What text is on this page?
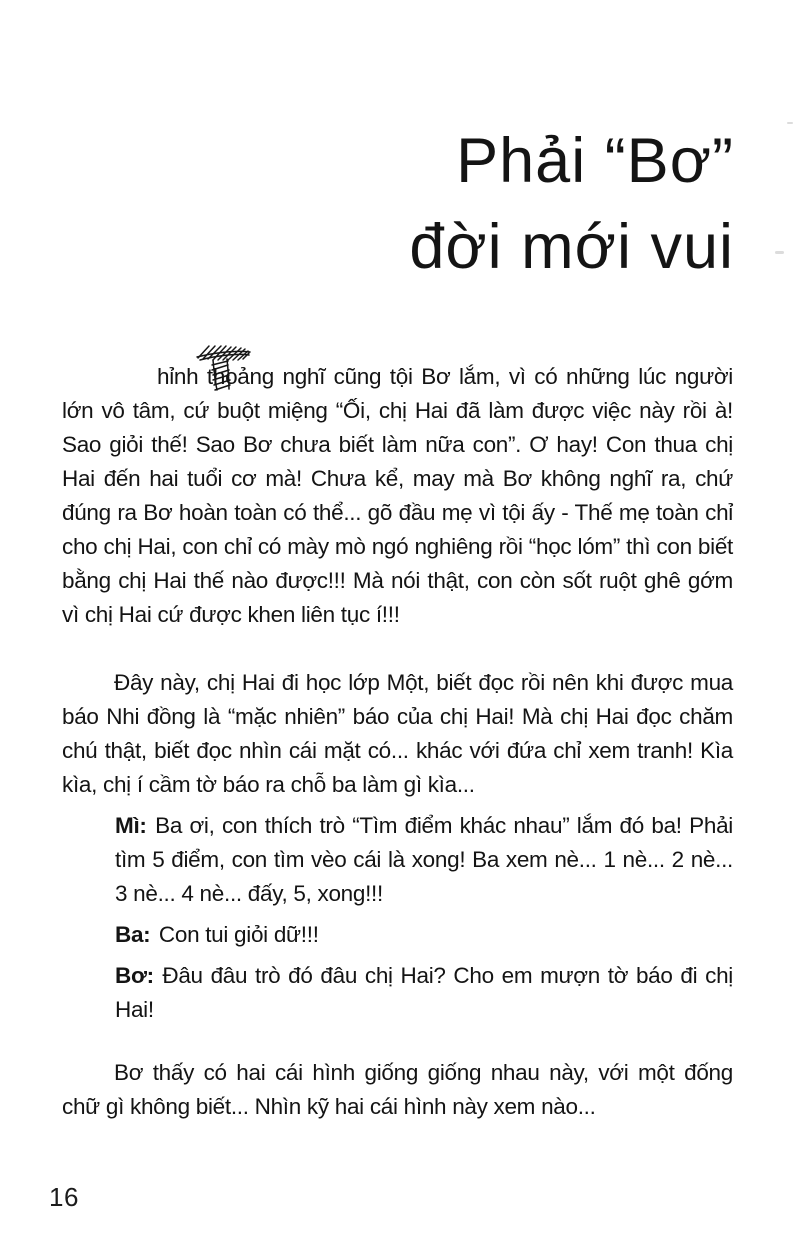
Phải “Bơ”
đời mới vui

hỉnh thoảng nghĩ cũng tội Bơ lắm, vì có những lúc người lớn vô tâm, cứ buột miệng “Ối, chị Hai đã làm được việc này rồi à! Sao giỏi thế! Sao Bơ chưa biết làm nữa con”. Ơ hay! Con thua chị Hai đến hai tuổi cơ mà! Chưa kể, may mà Bơ không nghĩ ra, chứ đúng ra Bơ hoàn toàn có thể... gõ đầu mẹ vì tội ấy - Thế mẹ toàn chỉ cho chị Hai, con chỉ có mày mò ngó nghiêng rồi “học lóm” thì con biết bằng chị Hai thế nào được!!! Mà nói thật, con còn sốt ruột ghê gớm vì chị Hai cứ được khen liên tục í!!!

Đây này, chị Hai đi học lớp Một, biết đọc rồi nên khi được mua báo Nhi đồng là “mặc nhiên” báo của chị Hai! Mà chị Hai đọc chăm chú thật, biết đọc nhìn cái mặt có... khác với đứa chỉ xem tranh! Kìa kìa, chị í cầm tờ báo ra chỗ ba làm gì kìa...

Mì: Ba ơi, con thích trò “Tìm điểm khác nhau” lắm đó ba! Phải tìm 5 điểm, con tìm vèo cái là xong! Ba xem nè... 1 nè... 2 nè... 3 nè... 4 nè... đấy, 5, xong!!!

Ba: Con tui giỏi dữ!!!

Bơ: Đâu đâu trò đó đâu chị Hai? Cho em mượn tờ báo đi chị Hai!

Bơ thấy có hai cái hình giống giống nhau này, với một đống chữ gì không biết... Nhìn kỹ hai cái hình này xem nào...

16
